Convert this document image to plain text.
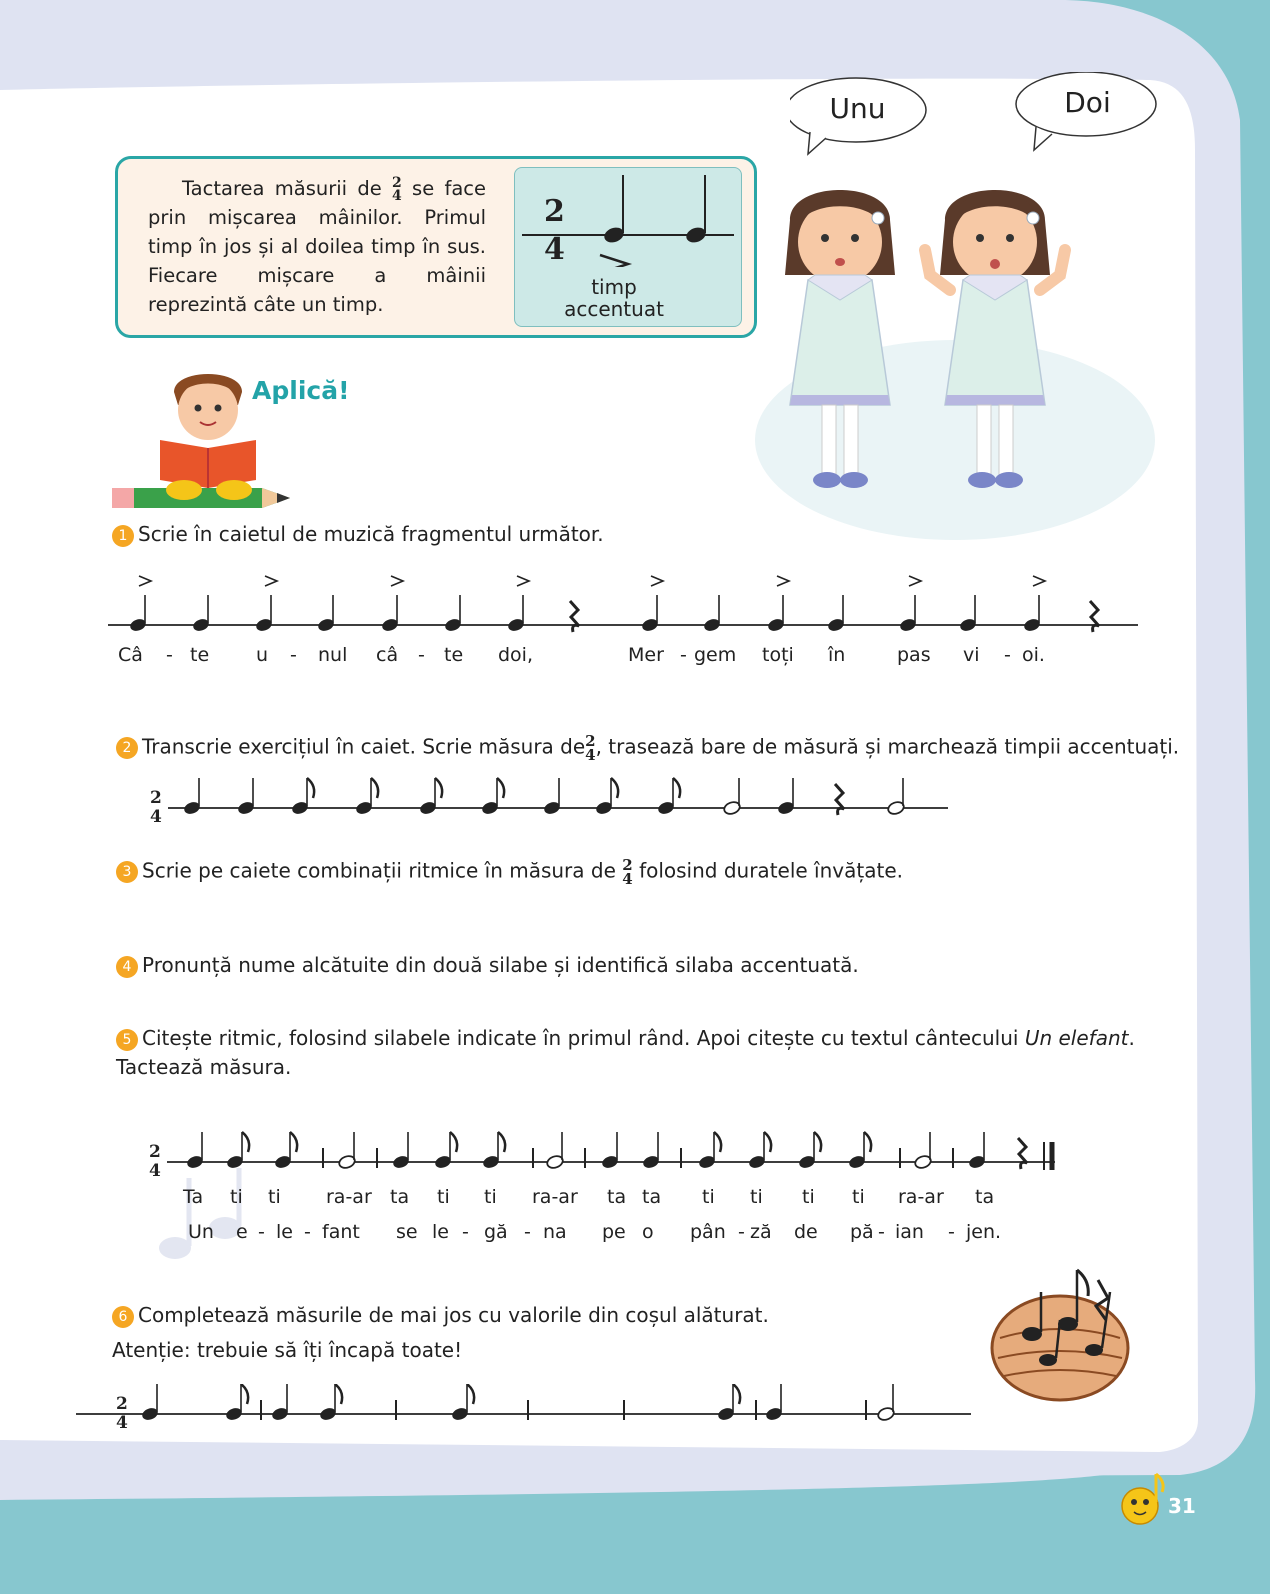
Unu	Doi
Tactarea măsurii de 2
4 se face prin mișcarea mâinilor. Primul timp în jos și al doilea timp în sus. Fiecare mișcare a mâinii reprezintă câte un timp.
2
4
timp
accentuat
Aplică!
1 Scrie în caietul de muzică fragmentul următor.
Câ - te u - nul câ - te doi,	Mer - gem toți în	pas vi - oi.
2 Transcrie exercițiul în caiet. Scrie măsura de 2
4 , trasează bare de măsură și marchează timpii accentuați.
2
4
3 Scrie pe caiete combinații ritmice în măsura de 2
4 folosind duratele învățate.
4 Pronunță nume alcătuite din două silabe și identifică silaba accentuată.
5 Citește ritmic, folosind silabele indicate în primul rând. Apoi citește cu textul cântecului Un elefant.
Tactează măsura.
2
4
Ta ti ti ra-ar ta ti ti ra-ar ta ta ti ti ti ti ra-ar ta
Un e - le - fant se le - gă - na pe o pân - ză de pă - ian - jen.
6 Completează măsurile de mai jos cu valorile din coșul alăturat.
Atenție: trebuie să îți încapă toate!
2
4
31
